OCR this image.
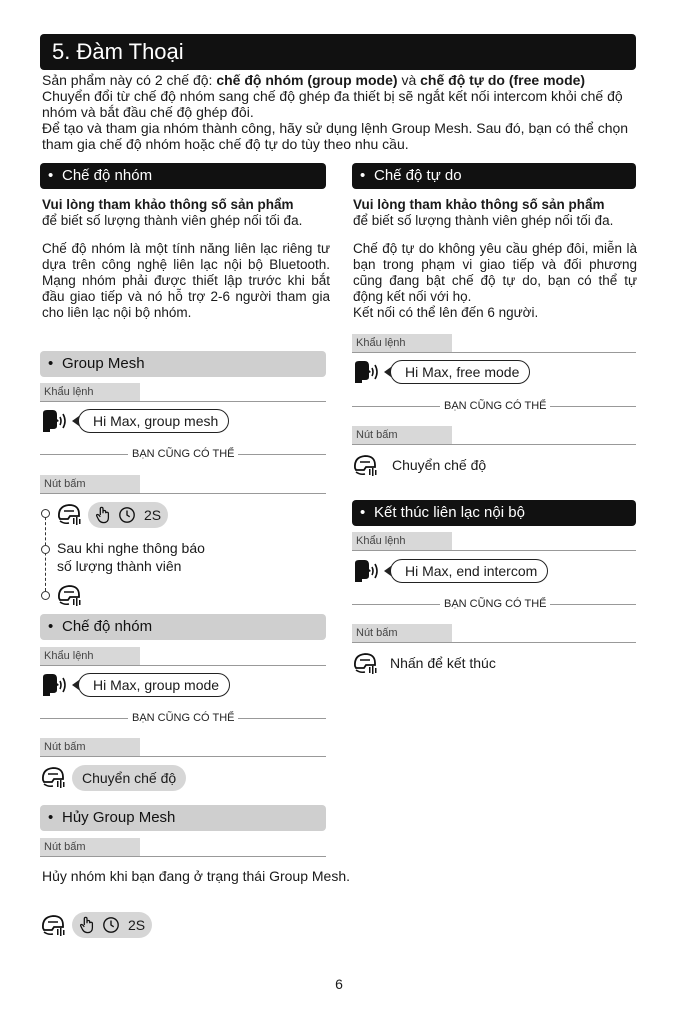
5. Đàm Thoại

Sản phẩm này có 2 chế độ: chế độ nhóm (group mode) và chế độ tự do (free mode)

Chuyển đổi từ chế độ nhóm sang chế độ ghép đa thiết bị sẽ ngắt kết nối intercom khỏi chế độ nhóm và bắt đầu chế độ ghép đôi.

Để tạo và tham gia nhóm thành công, hãy sử dụng lệnh Group Mesh. Sau đó, bạn có thể chọn tham gia chế độ nhóm hoặc chế độ tự do tùy theo nhu cầu.

• Chế độ nhóm

Vui lòng tham khảo thông số sản phẩm

để biết số lượng thành viên ghép nối tối đa.

Chế độ nhóm là một tính năng liên lạc riêng tư dựa trên công nghệ liên lạc nội bộ Bluetooth. Mạng nhóm phải được thiết lập trước khi bắt đầu giao tiếp và nó hỗ trợ 2-6 người tham gia cho liên lạc nội bộ nhóm.
• Group Mesh
Khẩu lệnh
Hi Max, group mesh
BẠN CŨNG CÓ THỂ
Nút bấm
2S

Sau khi nghe thông báo

số lượng thành viên

• Chế độ nhóm
Khẩu lệnh
Hi Max, group mode
BẠN CŨNG CÓ THỂ
Nút bấm
Chuyển chế độ
• Hủy Group Mesh
Nút bấm
Hủy nhóm khi bạn đang ở trạng thái Group Mesh.
2S
• Chế độ tự do

Vui lòng tham khảo thông số sản phẩm

để biết số lượng thành viên ghép nối tối đa.

Chế độ tự do không yêu cầu ghép đôi, miễn là bạn trong phạm vi giao tiếp và đối phương cũng đang bật chế độ tự do, bạn có thể tự động kết nối với họ.

Kết nối có thể lên đến 6 người.

Khẩu lệnh
Hi Max, free mode
BẠN CŨNG CÓ THỂ
Nút bấm
Chuyển chế độ
• Kết thúc liên lạc nội bộ
Khẩu lệnh
Hi Max, end intercom
BẠN CŨNG CÓ THỂ
Nút bấm
Nhấn để kết thúc
6
